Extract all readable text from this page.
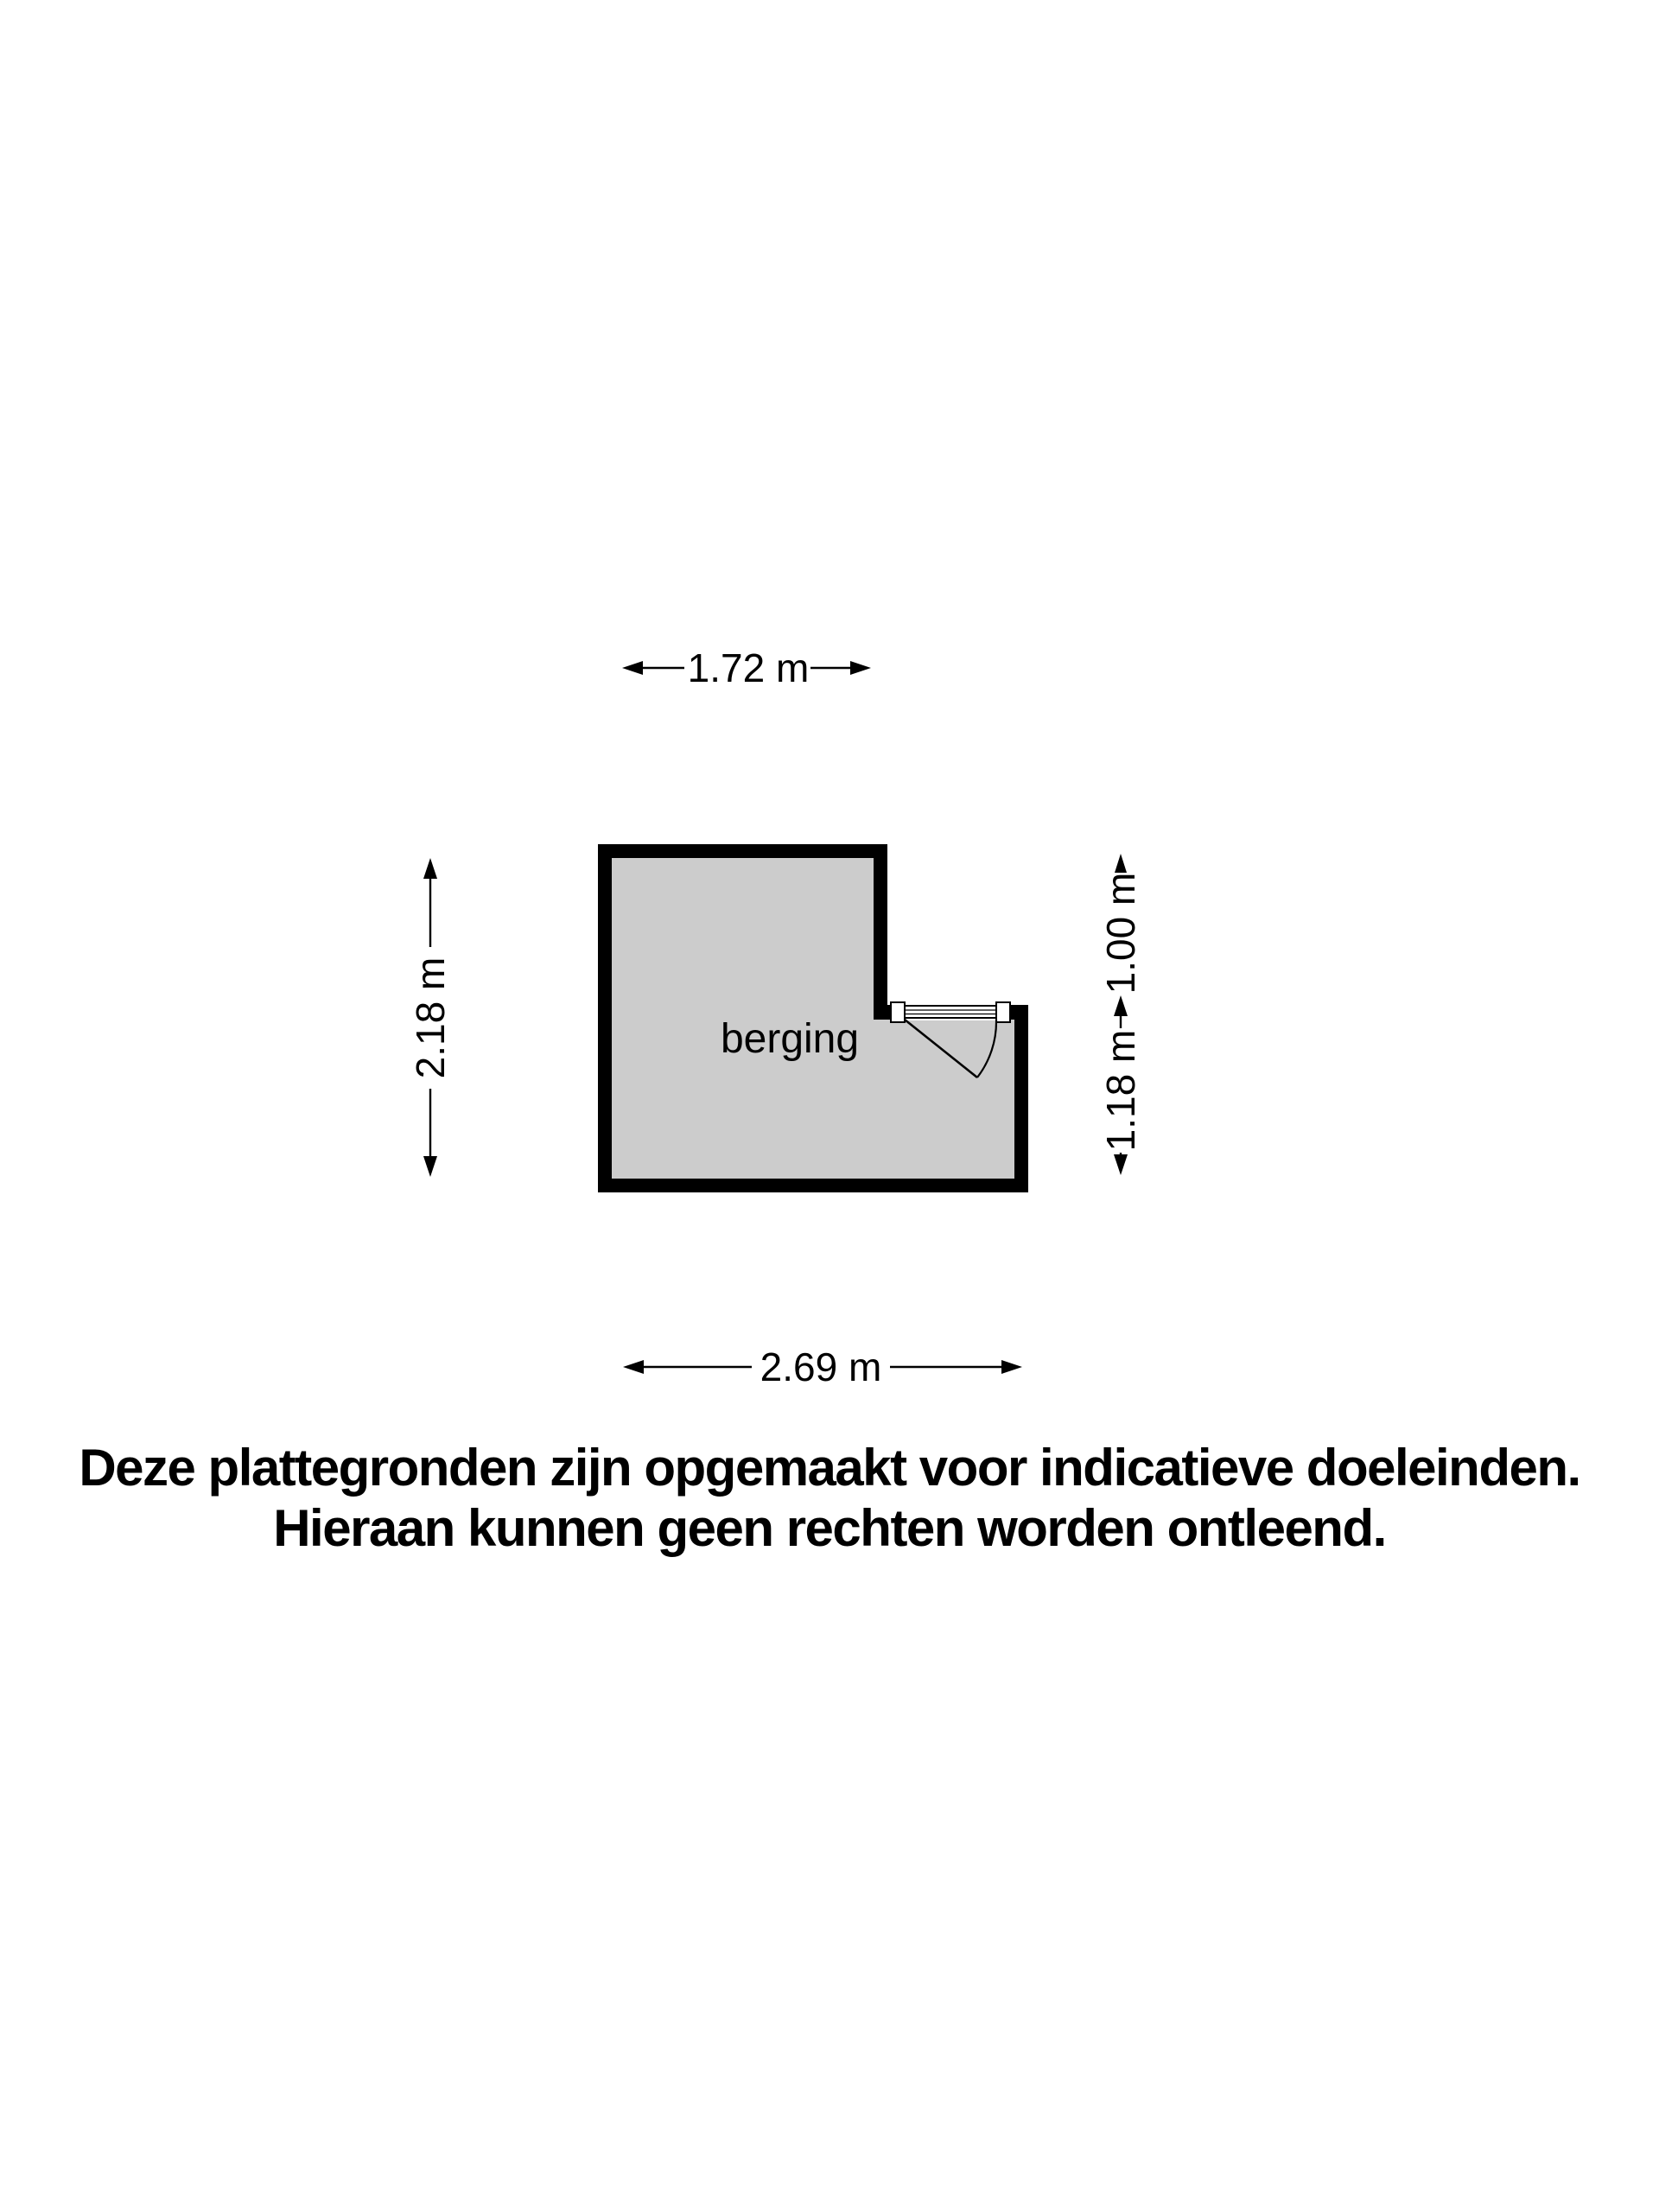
berging
1.72 m
2.18 m
1.00 m
1.18 m
2.69 m
Deze plattegronden zijn opgemaakt voor indicatieve doeleinden.
Hieraan kunnen geen rechten worden ontleend.
